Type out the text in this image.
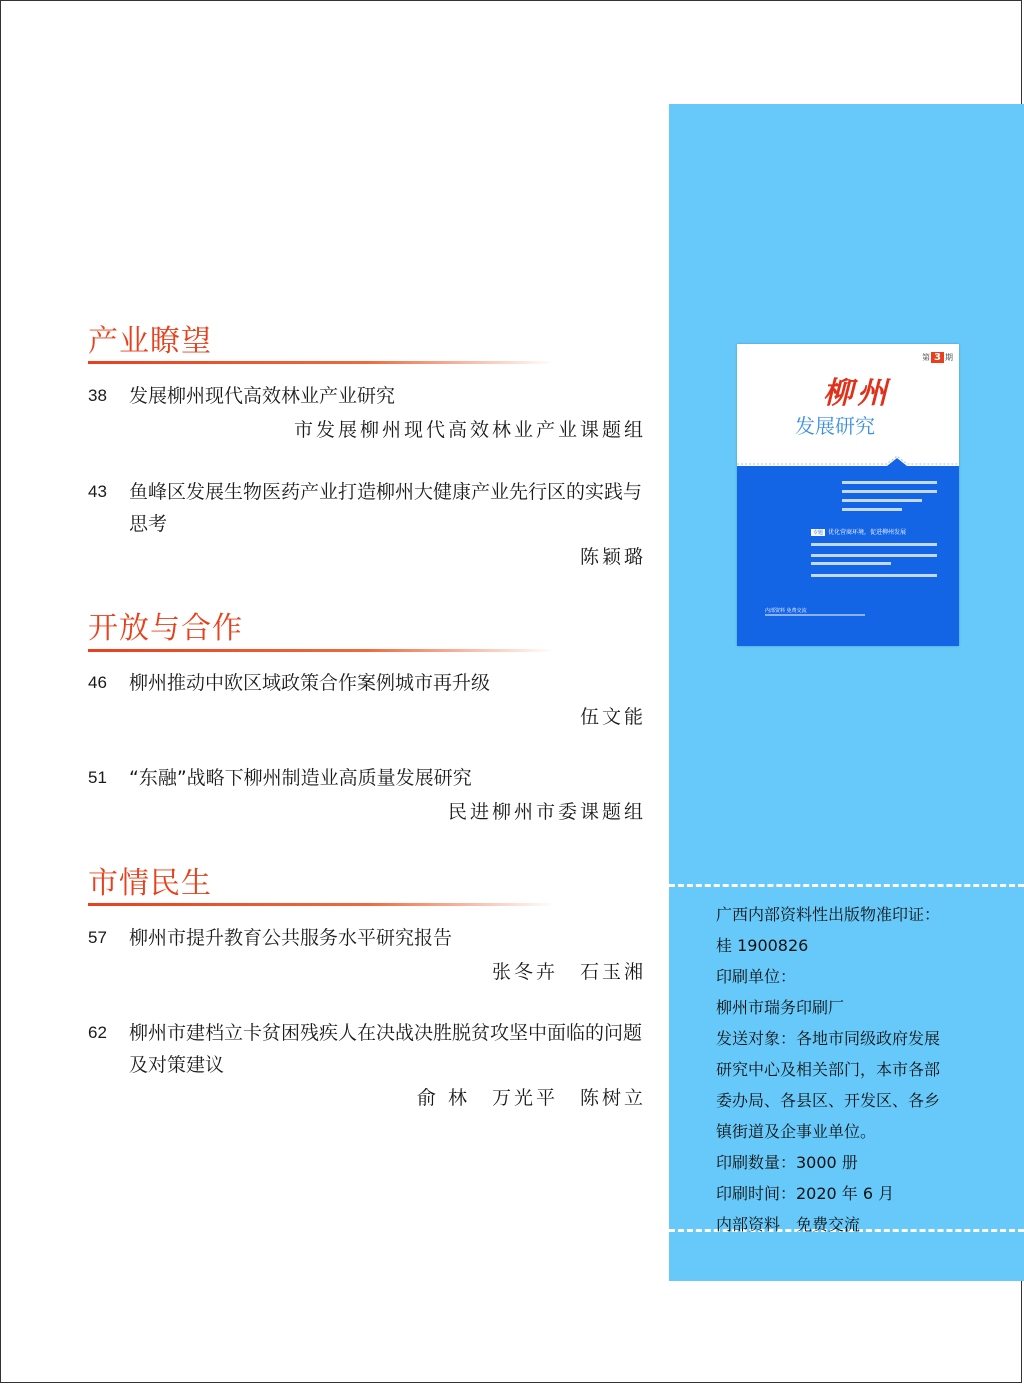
产业瞭望
38 发展柳州现代高效林业产业研究
市发展柳州现代高效林业产业课题组
43 鱼峰区发展生物医药产业打造柳州大健康产业先行区的实践与思考
陈颖璐
开放与合作
46 柳州推动中欧区域政策合作案例城市再升级
伍文能
51 “东融”战略下柳州制造业高质量发展研究
民进柳州市委课题组
市情民生
57 柳州市提升教育公共服务水平研究报告
张冬卉 石玉湘
62 柳州市建档立卡贫困残疾人在决战决胜脱贫攻坚中面临的问题及对策建议
俞 林 万光平 陈树立
第 3 期
柳州
发展研究
专题 优化营商环境，促进柳州发展
内部资料 免费交流

广西内部资料性出版物准印证：

桂 1900826

印刷单位：

柳州市瑞务印刷厂

发送对象：各地市同级政府发展

研究中心及相关部门，本市各部

委办局、各县区、开发区、各乡

镇街道及企事业单位。

印刷数量：3000 册

印刷时间：2020 年 6 月

内部资料　免费交流
